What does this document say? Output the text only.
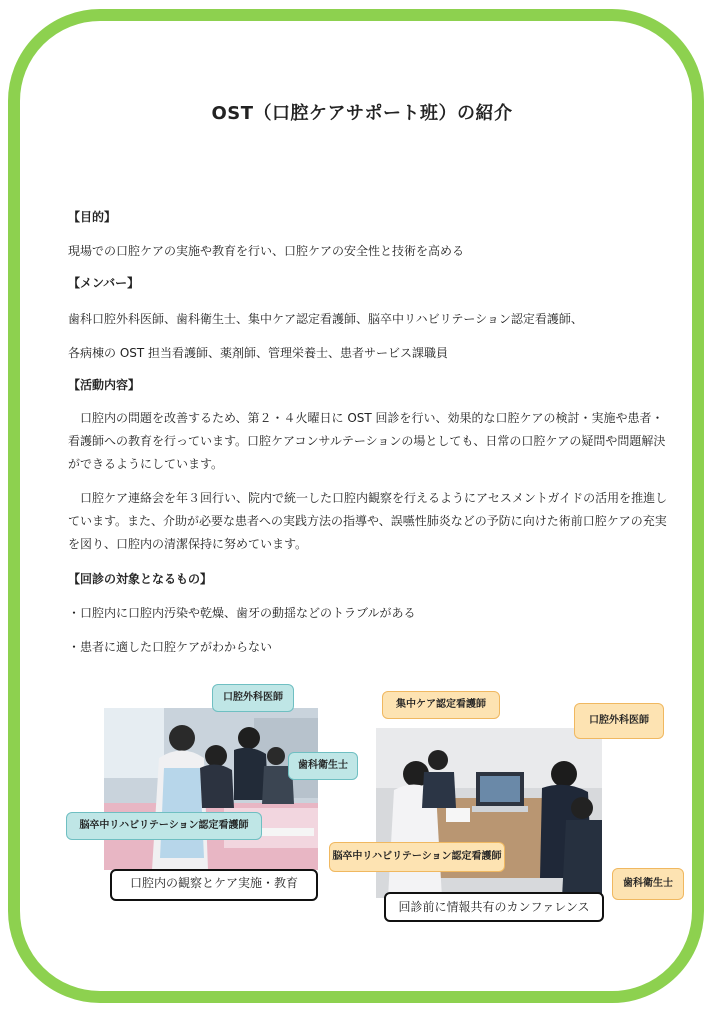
OST（口腔ケアサポート班）の紹介
【目的】
現場での口腔ケアの実施や教育を行い、口腔ケアの安全性と技術を高める
【メンバー】
歯科口腔外科医師、歯科衛生士、集中ケア認定看護師、脳卒中リハビリテーション認定看護師、
各病棟の OST 担当看護師、薬剤師、管理栄養士、患者サービス課職員
【活動内容】
口腔内の問題を改善するため、第２・４火曜日に OST 回診を行い、効果的な口腔ケアの検討・実施や患者・看護師への教育を行っています。口腔ケアコンサルテーションの場としても、日常の口腔ケアの疑問や問題解決ができるようにしています。
口腔ケア連絡会を年３回行い、院内で統一した口腔内観察を行えるようにアセスメントガイドの活用を推進しています。また、介助が必要な患者への実践方法の指導や、誤嚥性肺炎などの予防に向けた術前口腔ケアの充実を図り、口腔内の清潔保持に努めています。
【回診の対象となるもの】
・口腔内に口腔内汚染や乾燥、歯牙の動揺などのトラブルがある
・患者に適した口腔ケアがわからない
口腔外科医師
歯科衛生士
脳卒中リハビリテーション認定看護師
口腔内の観察とケア実施・教育
集中ケア認定看護師
口腔外科医師
脳卒中リハビリテーション認定看護師
歯科衛生士
回診前に情報共有のカンファレンス
